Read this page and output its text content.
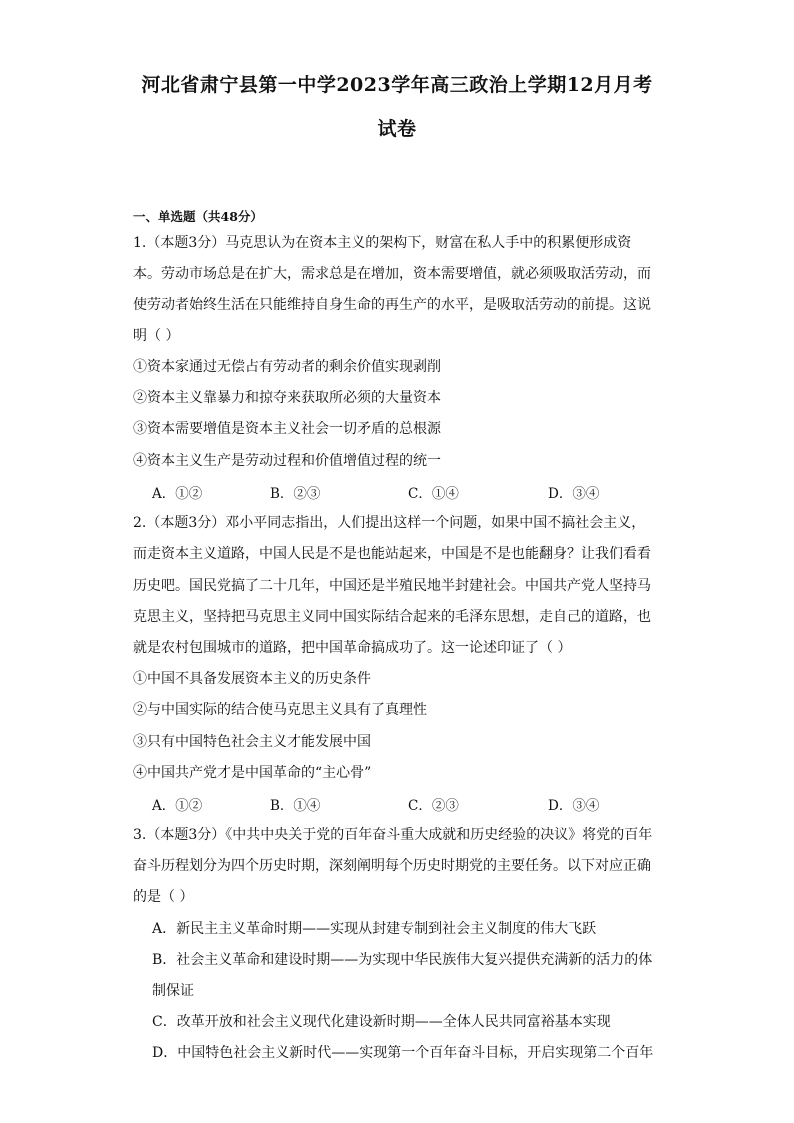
河北省肃宁县第一中学2023学年高三政治上学期12月月考
试卷
一、单选题（共48分）
1.（本题3分）马克思认为在资本主义的架构下，财富在私人手中的积累便形成资
本。劳动市场总是在扩大，需求总是在增加，资本需要增值，就必须吸取活劳动，而
使劳动者始终生活在只能维持自身生命的再生产的水平，是吸取活劳动的前提。这说
明（ ）
①资本家通过无偿占有劳动者的剩余价值实现剥削
②资本主义靠暴力和掠夺来获取所必须的大量资本
③资本需要增值是资本主义社会一切矛盾的总根源
④资本主义生产是劳动过程和价值增值过程的统一
A．①②	B．②③	C．①④	D．③④
2.（本题3分）邓小平同志指出，人们提出这样一个问题，如果中国不搞社会主义，
而走资本主义道路，中国人民是不是也能站起来，中国是不是也能翻身？让我们看看
历史吧。国民党搞了二十几年，中国还是半殖民地半封建社会。中国共产党人坚持马
克思主义，坚持把马克思主义同中国实际结合起来的毛泽东思想，走自己的道路，也
就是农村包围城市的道路，把中国革命搞成功了。这一论述印证了（ ）
①中国不具备发展资本主义的历史条件
②与中国实际的结合使马克思主义具有了真理性
③只有中国特色社会主义才能发展中国
④中国共产党才是中国革命的“主心骨”
A．①②	B．①④	C．②③	D．③④
3.（本题3分）《中共中央关于党的百年奋斗重大成就和历史经验的决议》将党的百年
奋斗历程划分为四个历史时期，深刻阐明每个历史时期党的主要任务。以下对应正确
的是（ ）
A．新民主主义革命时期——实现从封建专制到社会主义制度的伟大飞跃
B．社会主义革命和建设时期——为实现中华民族伟大复兴提供充满新的活力的体
制保证
C．改革开放和社会主义现代化建设新时期——全体人民共同富裕基本实现
D．中国特色社会主义新时代——实现第一个百年奋斗目标，开启实现第二个百年
